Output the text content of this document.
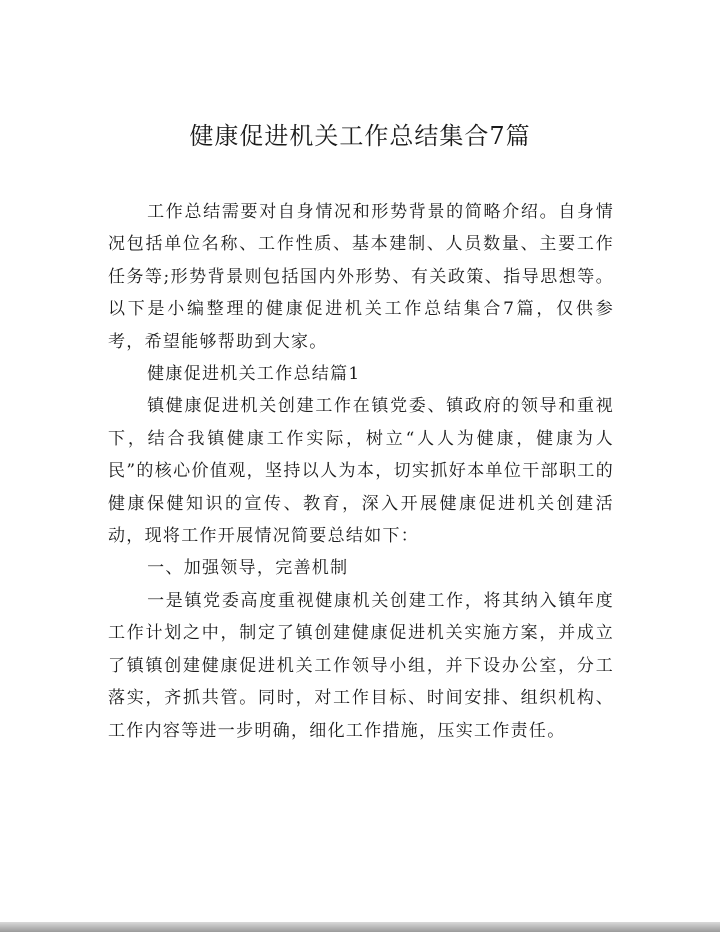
健康促进机关工作总结集合7篇

工作总结需要对自身情况和形势背景的简略介绍。自身情况包括单位名称、工作性质、基本建制、人员数量、主要工作任务等;形势背景则包括国内外形势、有关政策、指导思想等。以下是小编整理的健康促进机关工作总结集合7篇，仅供参考，希望能够帮助到大家。

健康促进机关工作总结篇1

镇健康促进机关创建工作在镇党委、镇政府的领导和重视下，结合我镇健康工作实际，树立“人人为健康，健康为人民”的核心价值观，坚持以人为本，切实抓好本单位干部职工的健康保健知识的宣传、教育，深入开展健康促进机关创建活动，现将工作开展情况简要总结如下：

一、加强领导，完善机制

一是镇党委高度重视健康机关创建工作，将其纳入镇年度工作计划之中，制定了镇创建健康促进机关实施方案，并成立了镇镇创建健康促进机关工作领导小组，并下设办公室，分工落实，齐抓共管。同时，对工作目标、时间安排、组织机构、工作内容等进一步明确，细化工作措施，压实工作责任。
